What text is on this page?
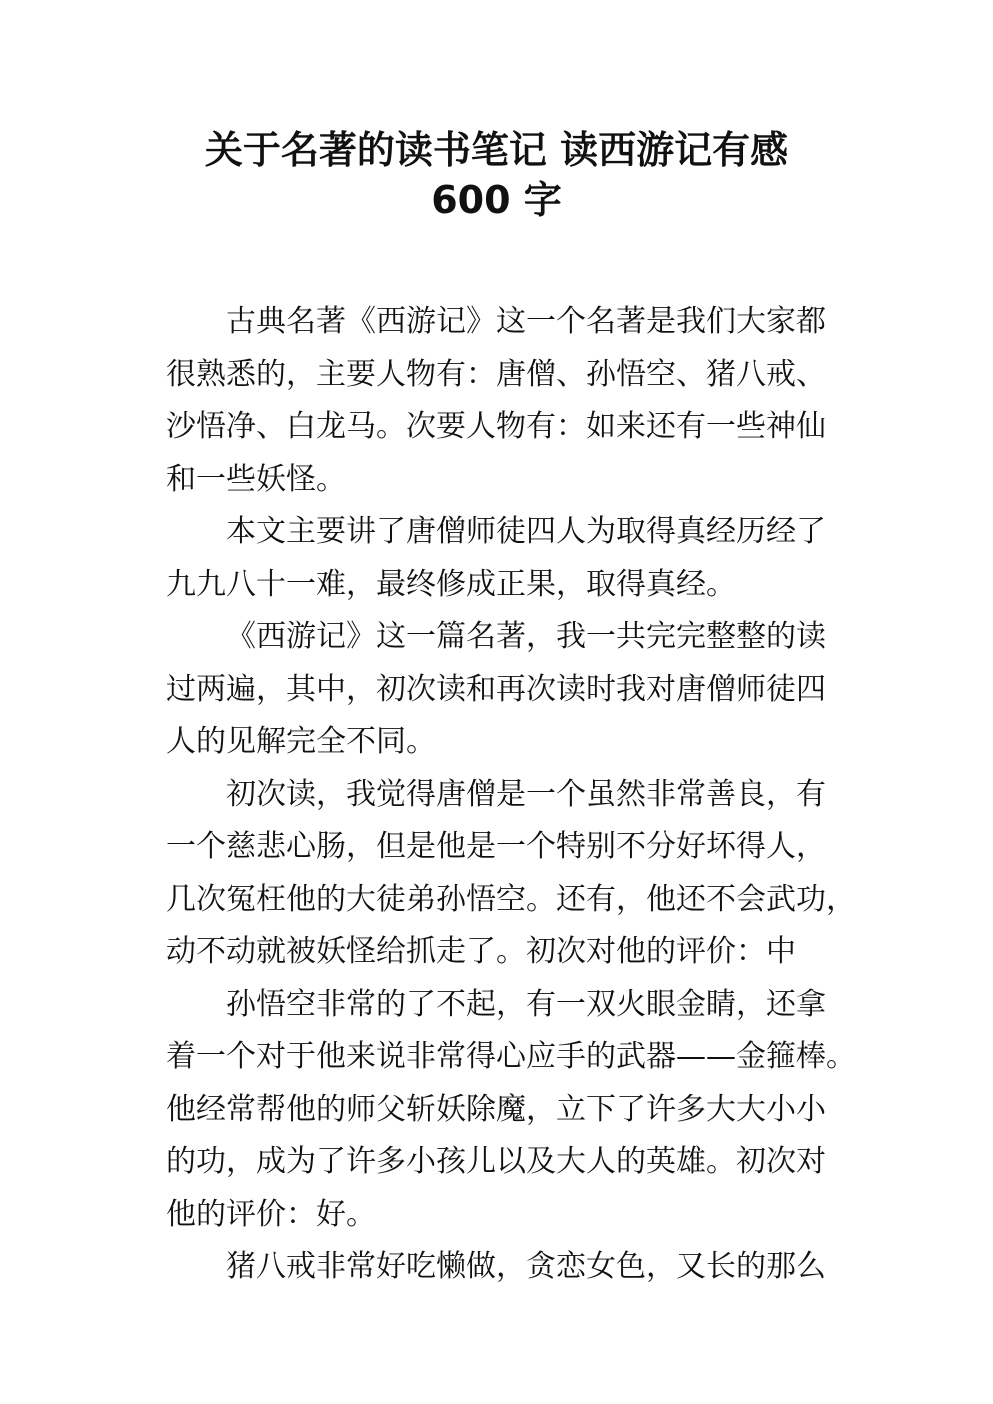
关于名著的读书笔记 读西游记有感
600 字
古典名著《西游记》这一个名著是我们大家都
很熟悉的，主要人物有：唐僧、孙悟空、猪八戒、
沙悟净、白龙马。次要人物有：如来还有一些神仙
和一些妖怪。
本文主要讲了唐僧师徒四人为取得真经历经了
九九八十一难，最终修成正果，取得真经。
《西游记》这一篇名著，我一共完完整整的读
过两遍，其中，初次读和再次读时我对唐僧师徒四
人的见解完全不同。
初次读，我觉得唐僧是一个虽然非常善良，有
一个慈悲心肠，但是他是一个特别不分好坏得人，
几次冤枉他的大徒弟孙悟空。还有，他还不会武功，
动不动就被妖怪给抓走了。初次对他的评价：中
孙悟空非常的了不起，有一双火眼金睛，还拿
着一个对于他来说非常得心应手的武器——金箍棒。
他经常帮他的师父斩妖除魔，立下了许多大大小小
的功，成为了许多小孩儿以及大人的英雄。初次对
他的评价：好。
猪八戒非常好吃懒做，贪恋女色，又长的那么
